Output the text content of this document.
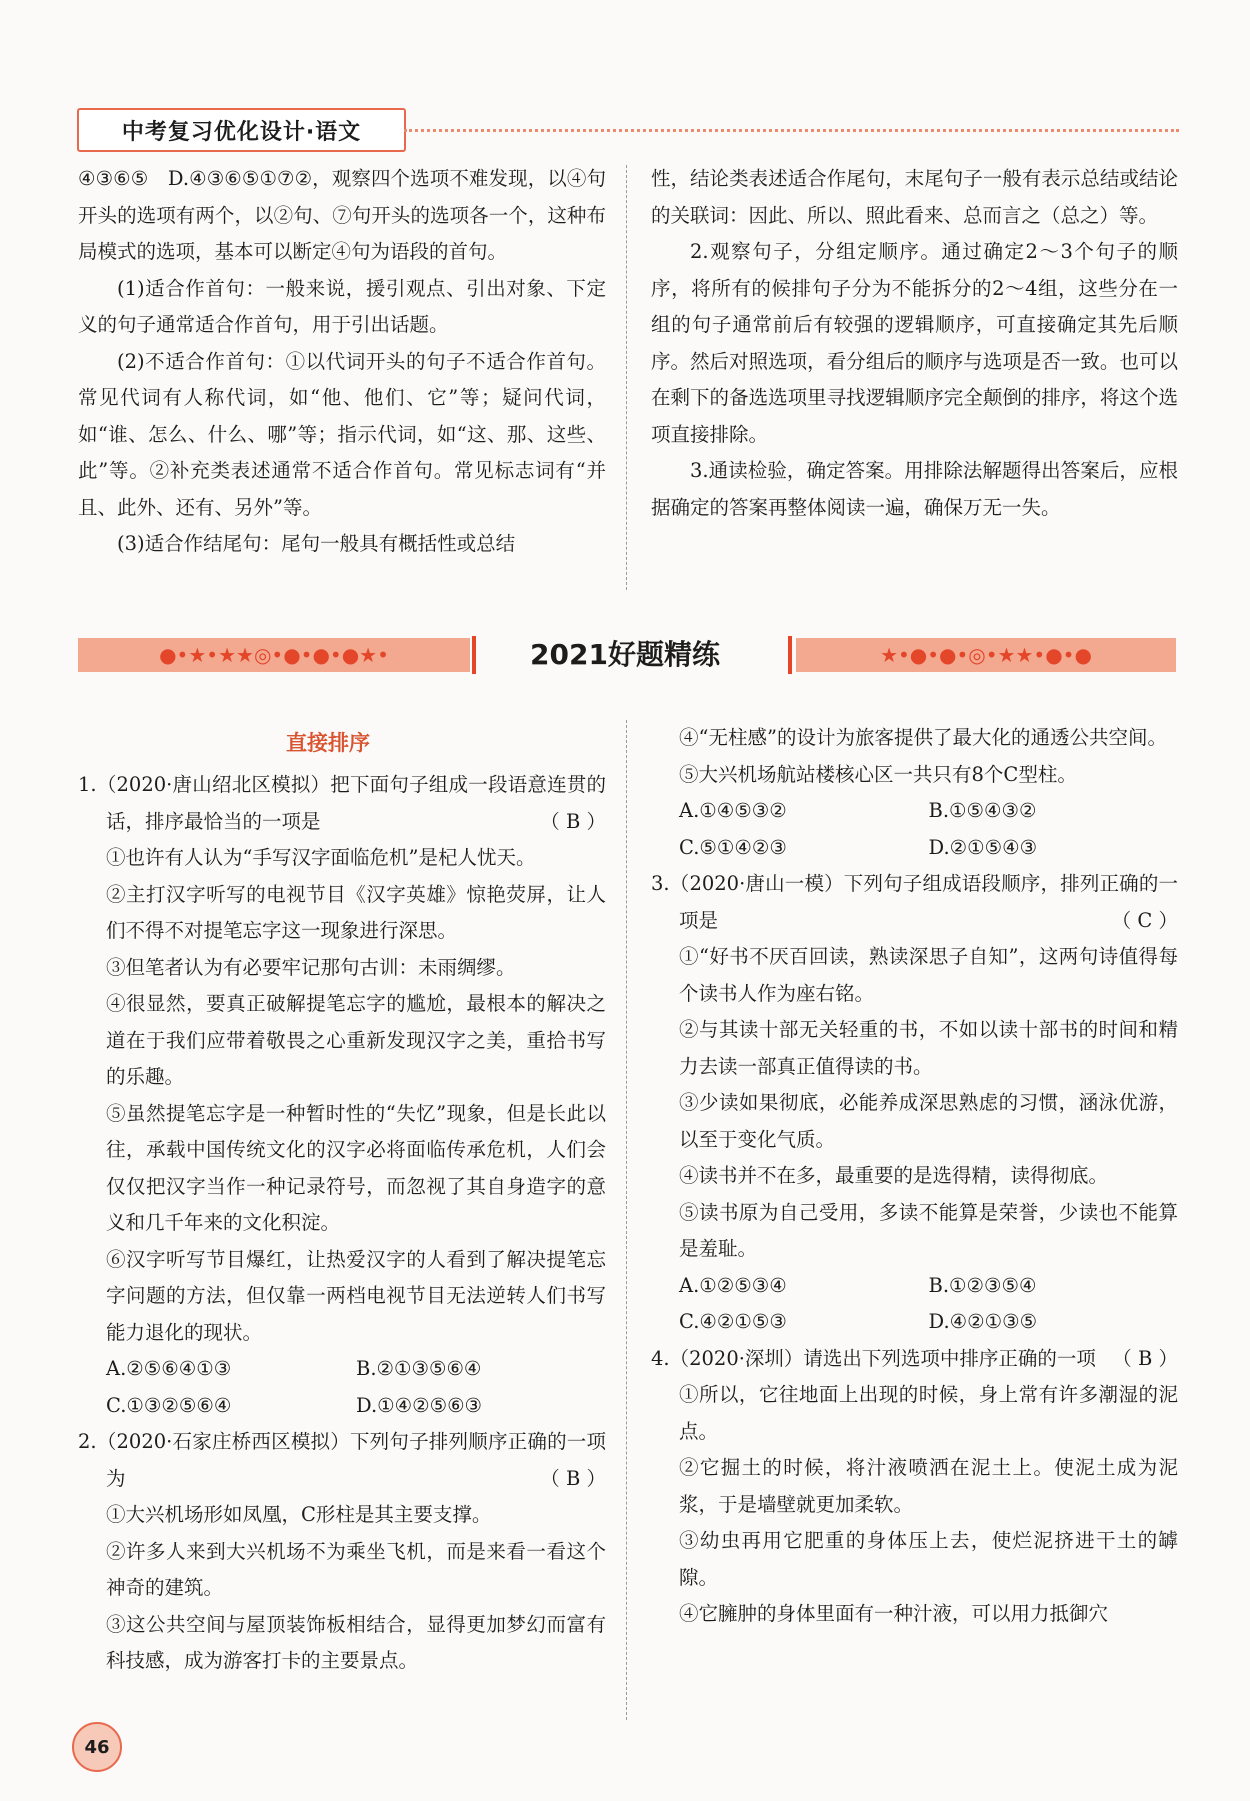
中考复习优化设计·语文

④③⑥⑤　D.④③⑥⑤①⑦②，观察四个选项不难发现，以④句开头的选项有两个，以②句、⑦句开头的选项各一个，这种布局模式的选项，基本可以断定④句为语段的首句。

(1)适合作首句：一般来说，援引观点、引出对象、下定义的句子通常适合作首句，用于引出话题。

(2)不适合作首句：①以代词开头的句子不适合作首句。常见代词有人称代词，如“他、他们、它”等；疑问代词，如“谁、怎么、什么、哪”等；指示代词，如“这、那、这些、此”等。②补充类表述通常不适合作首句。常见标志词有“并且、此外、还有、另外”等。

(3)适合作结尾句：尾句一般具有概括性或总结

性，结论类表述适合作尾句，末尾句子一般有表示总结或结论的关联词：因此、所以、照此看来、总而言之（总之）等。

2.观察句子，分组定顺序。通过确定2～3个句子的顺序，将所有的候排句子分为不能拆分的2～4组，这些分在一组的句子通常前后有较强的逻辑顺序，可直接确定其先后顺序。然后对照选项，看分组后的顺序与选项是否一致。也可以在剩下的备选选项里寻找逻辑顺序完全颠倒的排序，将这个选项直接排除。

3.通读检验，确定答案。用排除法解题得出答案后，应根据确定的答案再整体阅读一遍，确保万无一失。

●•★•★★◎•●•●•●★•	2021好题精练	★•●•●•◎•★★•●•●
直接排序

1.（2020·唐山绍北区模拟）把下面句子组成一段语意连贯的话，排序最恰当的一项是	（ B ）

①也许有人认为“手写汉字面临危机”是杞人忧天。

②主打汉字听写的电视节目《汉字英雄》惊艳荧屏，让人们不得不对提笔忘字这一现象进行深思。

③但笔者认为有必要牢记那句古训：未雨绸缪。

④很显然，要真正破解提笔忘字的尴尬，最根本的解决之道在于我们应带着敬畏之心重新发现汉字之美，重拾书写的乐趣。

⑤虽然提笔忘字是一种暂时性的“失忆”现象，但是长此以往，承载中国传统文化的汉字必将面临传承危机，人们会仅仅把汉字当作一种记录符号，而忽视了其自身造字的意义和几千年来的文化积淀。

⑥汉字听写节目爆红，让热爱汉字的人看到了解决提笔忘字问题的方法，但仅靠一两档电视节目无法逆转人们书写能力退化的现状。

A.②⑤⑥④①③	B.②①③⑤⑥④
C.①③②⑤⑥④	D.①④②⑤⑥③

2.（2020·石家庄桥西区模拟）下列句子排列顺序正确的一项为	（ B ）

①大兴机场形如凤凰，C形柱是其主要支撑。

②许多人来到大兴机场不为乘坐飞机，而是来看一看这个神奇的建筑。

③这公共空间与屋顶装饰板相结合，显得更加梦幻而富有科技感，成为游客打卡的主要景点。

④“无柱感”的设计为旅客提供了最大化的通透公共空间。

⑤大兴机场航站楼核心区一共只有8个C型柱。

A.①④⑤③②	B.①⑤④③②
C.⑤①④②③	D.②①⑤④③

3.（2020·唐山一模）下列句子组成语段顺序，排列正确的一项是	（ C ）

①“好书不厌百回读，熟读深思子自知”，这两句诗值得每个读书人作为座右铭。

②与其读十部无关轻重的书，不如以读十部书的时间和精力去读一部真正值得读的书。

③少读如果彻底，必能养成深思熟虑的习惯，涵泳优游，以至于变化气质。

④读书并不在多，最重要的是选得精，读得彻底。

⑤读书原为自己受用，多读不能算是荣誉，少读也不能算是羞耻。

A.①②⑤③④	B.①②③⑤④
C.④②①⑤③	D.④②①③⑤

4.（2020·深圳）请选出下列选项中排序正确的一项 （ B ）

①所以，它往地面上出现的时候，身上常有许多潮湿的泥点。

②它掘土的时候，将汁液喷洒在泥土上。使泥土成为泥浆，于是墙壁就更加柔软。

③幼虫再用它肥重的身体压上去，使烂泥挤进干土的罅隙。

④它臃肿的身体里面有一种汁液，可以用力抵御穴

46
